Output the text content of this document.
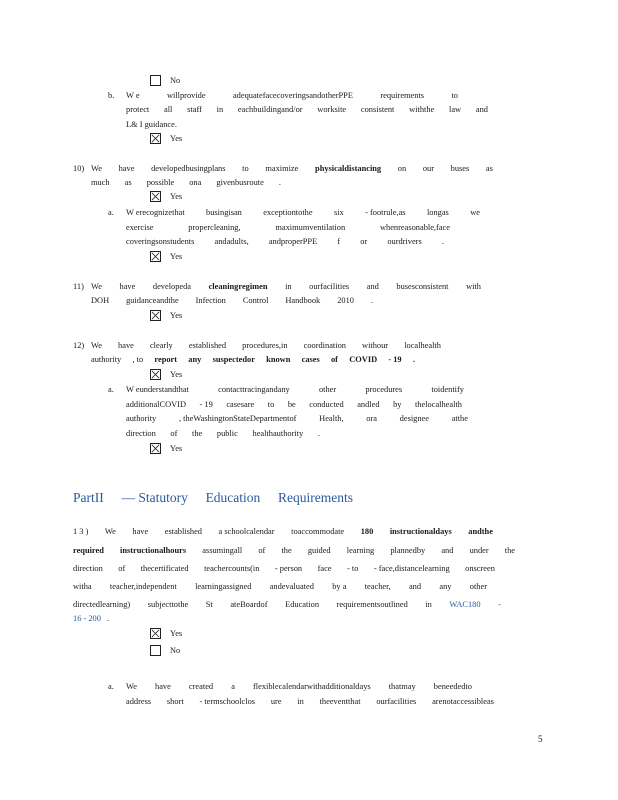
No
b. W e	willprovide	adequatefacecoveringsandotherPPE	requirements	to
protect all staff in eachbuildingand/or worksite consistent withthe law and
L& I guidance.
Yes
10) We have developedbusingplans to maximize physicaldistancing on our buses as
much as possible ona givenbusroute .
Yes
a. W erecognizethat	busingisan	exceptiontothe	six	- footrule,as	longas	we
exercise	propercleaning,	maximumventilation	whenreasonable,face
coveringsonstudents andadults, andproperPPE f or ourdrivers .
Yes
11) We have developeda cleaningregimen in ourfacilities and busesconsistent with
DOH guidanceandthe Infection Control Handbook 2010 .
Yes
12) We have clearly established procedures,in coordination withour localhealth
authority , to report any suspectedor known cases of COVID - 19 .
Yes
a. W eunderstandthat	contacttracingandany	other	procedures	toidentify
additionalCOVID - 19 casesare to be conducted andled by thelocalhealth
authority	, theWashingtonStateDepartmentof	Health,	ora	designee	atthe
direction of the public healthauthority .
Yes
PartII — Statutory Education Requirements
1 3 ) We have established a schoolcalendar toaccommodate 180 instructionaldays andthe
required instructionalhours assumingall of the guided learning plannedby and under the
direction of thecertificated teachercounts(in - person face - to - face,distancelearning onscreen
witha teacher,independent learningassigned andevaluated by a teacher, and any other
directedlearning) subjecttothe St ateBoardof Education requirementsoutlined in WAC180 -
16 - 200 .
Yes
No
a. We have created a flexiblecalendarwithadditionaldays thatmay beneededto
address short - termschoolclos ure in theeventthat ourfacilities arenotaccessibleas
5
